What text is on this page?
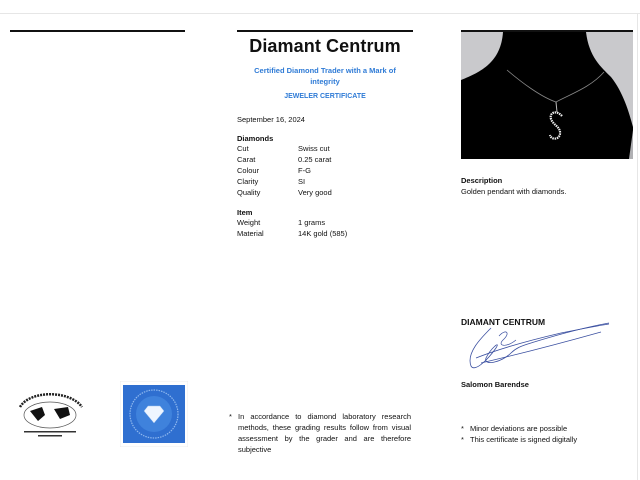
Diamant Centrum
Certified Diamond Trader with a Mark of integrity
JEWELER CERTIFICATE
September 16, 2024
Diamonds
Cut	Swiss cut
Carat	0.25 carat
Colour	F-G
Clarity	SI
Quality	Very good
Item
Weight	1 grams
Material	14K gold (585)
Description
Golden pendant with diamonds.
DIAMANT CENTRUM
Salomon Barendse
* Minor deviations are possible
* This certificate is signed digitally
* In accordance to diamond laboratory research methods, these grading results follow from visual assessment by the grader and are therefore subjective
